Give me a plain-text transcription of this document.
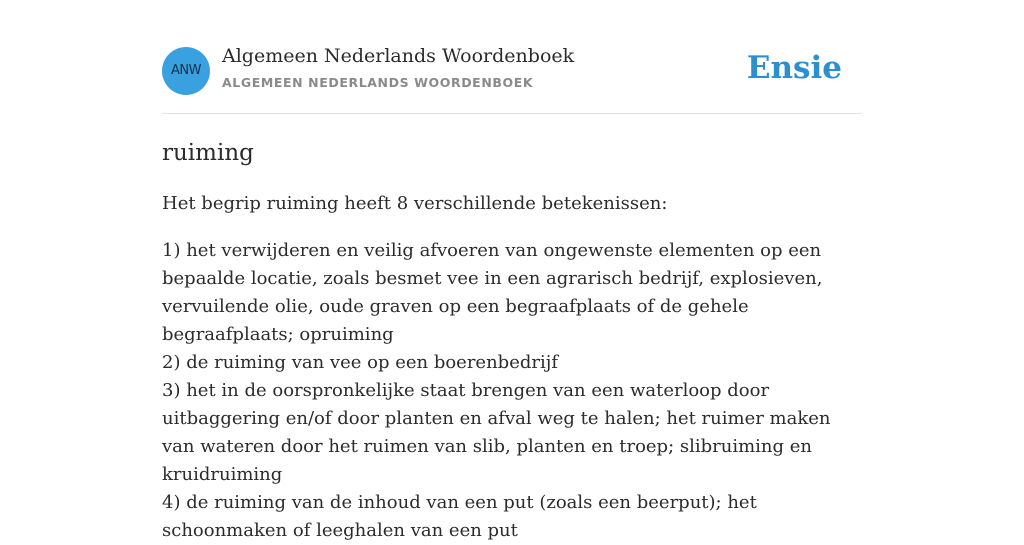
ANW
Algemeen Nederlands Woordenboek
ALGEMEEN NEDERLANDS WOORDENBOEK	Ensie
ruiming

Het begrip ruiming heeft 8 verschillende betekenissen:

1) het verwijderen en veilig afvoeren van ongewenste elementen op een bepaalde locatie, zoals besmet vee in een agrarisch bedrijf, explosieven, vervuilende olie, oude graven op een begraafplaats of de gehele begraafplaats; opruiming
2) de ruiming van vee op een boerenbedrijf
3) het in de oorspronkelijke staat brengen van een waterloop door uitbaggering en/of door planten en afval weg te halen; het ruimer maken van wateren door het ruimen van slib, planten en troep; slibruiming en kruidruiming
4) de ruiming van de inhoud van een put (zoals een beerput); het schoonmaken of leeghalen van een put
